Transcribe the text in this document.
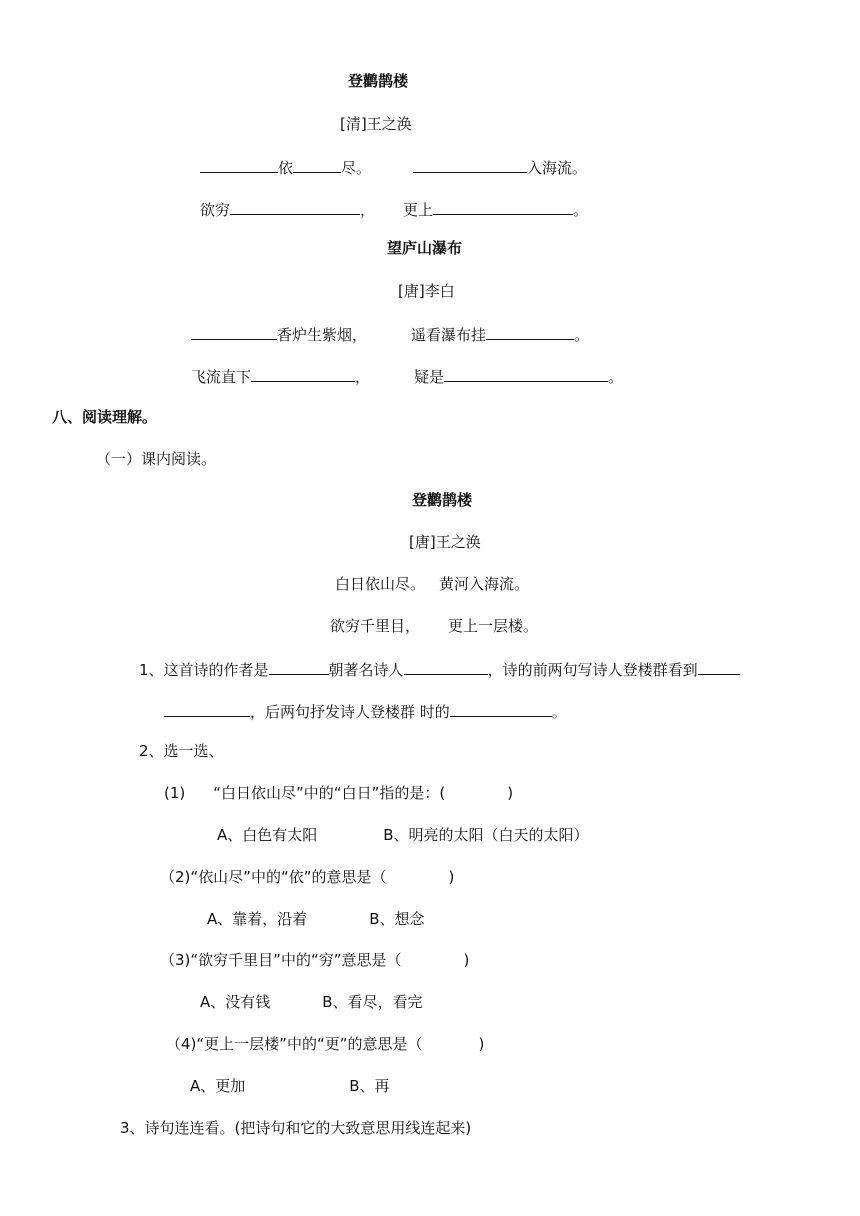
登鹳鹊楼
[清]王之涣
依	尽。	入海流。
欲穷	， 更上	。
望庐山瀑布
[唐]李白
香炉生紫烟，	遥看瀑布挂	。
飞流直下	，	疑是	。
八、阅读理解。
（一）课内阅读。
登鹳鹊楼
[唐]王之涣
白日依山尽。 黄河入海流。
欲穷千里目， 更上一层楼。
1、这首诗的作者是	朝著名诗人	，诗的前两句写诗人登楼群看到
，后两句抒发诗人登楼群 时的	。
2、选一选、
(1) “白日依山尽”中的“白日”指的是：(	)
A、白色有太阳	B、明亮的太阳（白天的太阳）
（2)“依山尽”中的“依”的意思是（	)
A、靠着，沿着	B、想念
（3)“欲穷千里目”中的“穷”意思是（	)
A、没有钱	B、看尽，看完
（4)“更上一层楼”中的“更”的意思是（	)
A、更加	B、再
3、诗句连连看。(把诗句和它的大致意思用线连起来)
